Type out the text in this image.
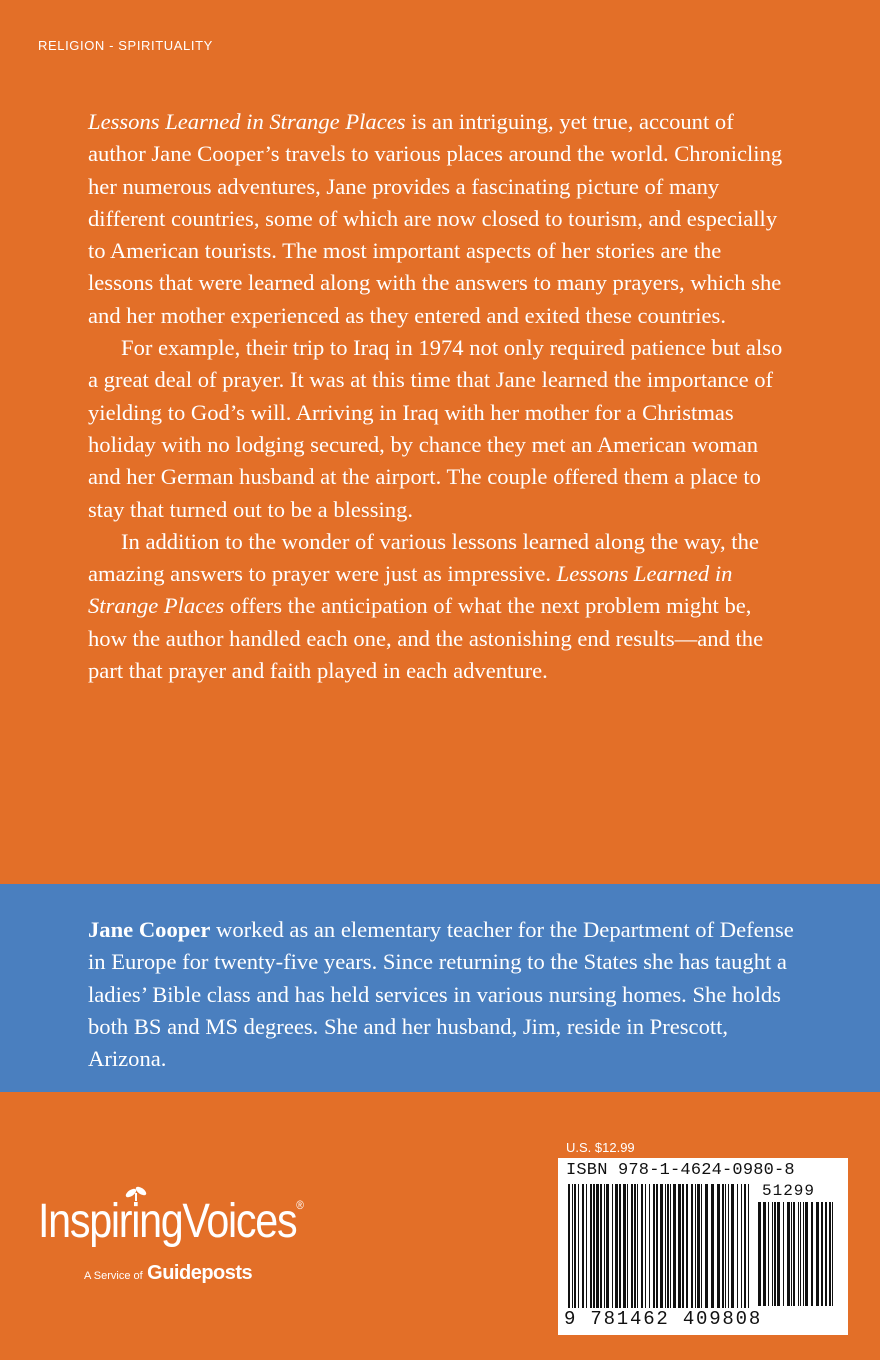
RELIGION - SPIRITUALITY

Lessons Learned in Strange Places is an intriguing, yet true, account of author Jane Cooper’s travels to various places around the world. Chronicling her numerous adventures, Jane provides a fascinating picture of many different countries, some of which are now closed to tourism, and especially to American tourists. The most important aspects of her stories are the lessons that were learned along with the answers to many prayers, which she and her mother experienced as they entered and exited these countries.

For example, their trip to Iraq in 1974 not only required patience but also a great deal of prayer. It was at this time that Jane learned the importance of yielding to God’s will. Arriving in Iraq with her mother for a Christmas holiday with no lodging secured, by chance they met an American woman and her German husband at the airport. The couple offered them a place to stay that turned out to be a blessing.

In addition to the wonder of various lessons learned along the way, the amazing answers to prayer were just as impressive. Lessons Learned in Strange Places offers the anticipation of what the next problem might be, how the author handled each one, and the astonishing end results—and the part that prayer and faith played in each adventure.

Jane Cooper worked as an elementary teacher for the Department of Defense in Europe for twenty-five years. Since returning to the States she has taught a ladies’ Bible class and has held services in various nursing homes. She holds both BS and MS degrees. She and her husband, Jim, reside in Prescott, Arizona.

InspiringVoices®
A Service of Guideposts
U.S. $12.99
ISBN 978-1-4624-0980-8
51299
9 781462 409808
